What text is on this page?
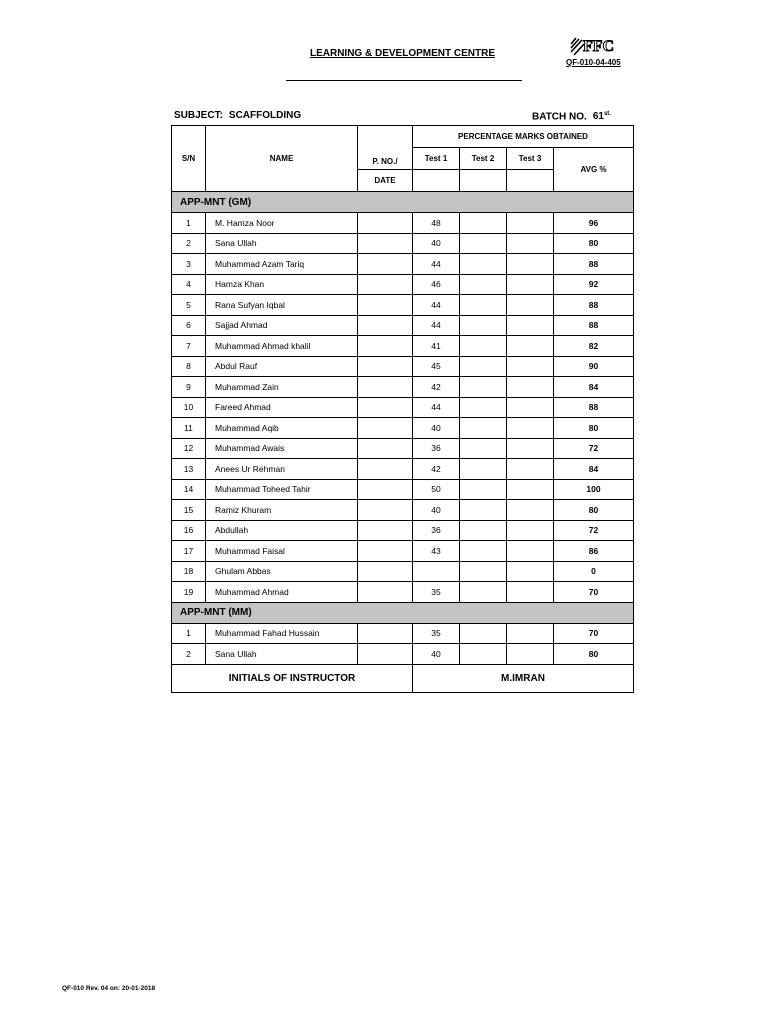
LEARNING & DEVELOPMENT CENTRE	FFC
QF-010-04-405
SUBJECT: SCAFFOLDING	BATCH NO. $61^{st.}$
S/N	NAME	P. NO./	PERCENTAGE MARKS OBTAINED			
			Test 1	Test 2	Test 3	AVG %
		DATE				
APP-MNT (GM)						
1	M. Hamza Noor		48			96
2	Sana Ullah		40			80
3	Muhammad Azam Tariq		44			88
4	Hamza Khan		46			92
5	Rana Sufyan Iqbal		44			88
6	Sajjad Ahmad		44			88
7	Muhammad Ahmad khalil		41			82
8	Abdul Rauf		45			90
9	Muhammad Zain		42			84
10	Fareed Ahmad		44			88
11	Muhammad Aqib		40			80
12	Muhammad Awais		36			72
13	Anees Ur Rehman		42			84
14	Muhammad Toheed Tahir		50			100
15	Ramiz Khuram		40			80
16	Abdullah		36			72
17	Muhammad Faisal		43			86
18	Ghulam Abbas					0
19	Muhammad Ahmad		35			70
APP-MNT (MM)						
1	Muhammad Fahad Hussain		35			70
2	Sana Ullah		40			80
INITIALS OF INSTRUCTOR			M.IMRAN			
QF-010 Rev. 04 on: 20-01-2018
